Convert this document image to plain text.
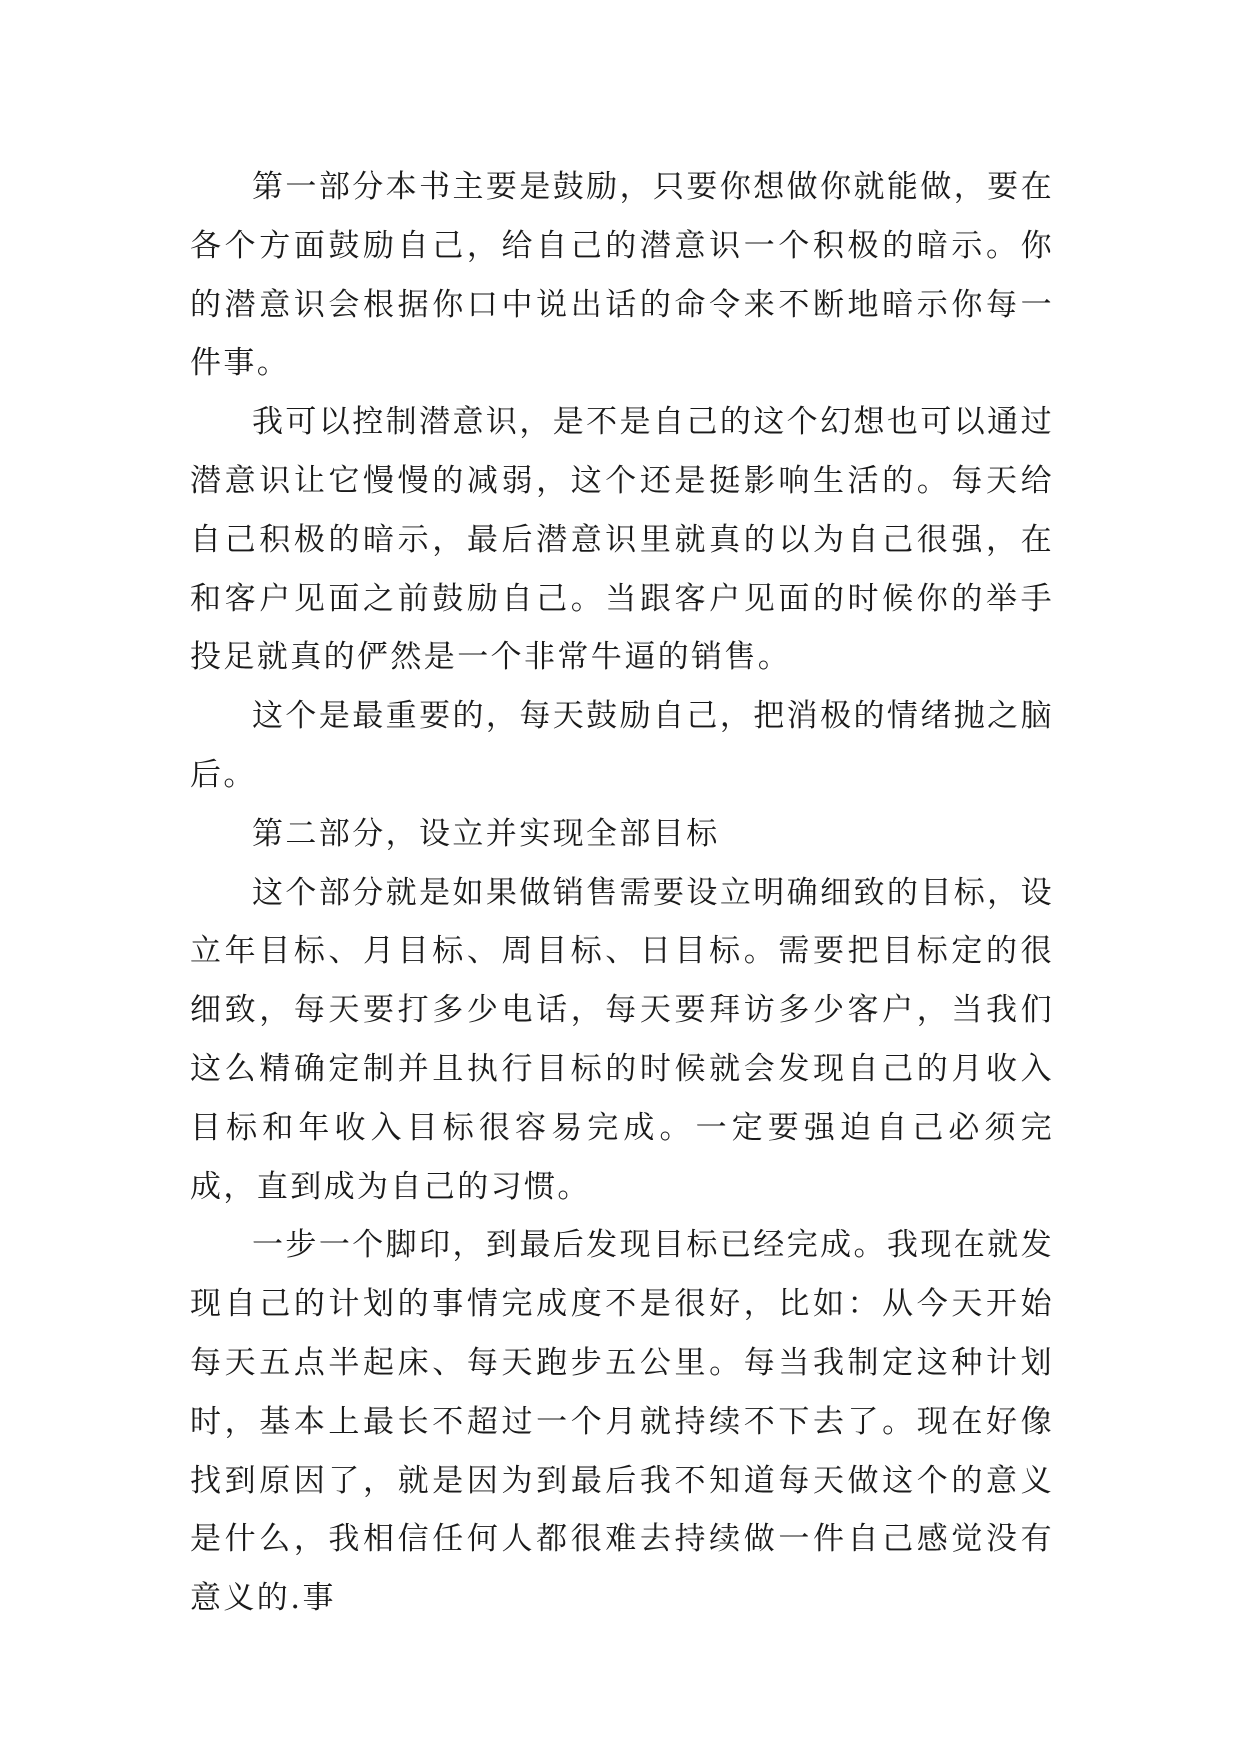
第一部分本书主要是鼓励，只要你想做你就能做，要在各个方面鼓励自己，给自己的潜意识一个积极的暗示。你的潜意识会根据你口中说出话的命令来不断地暗示你每一件事。

我可以控制潜意识，是不是自己的这个幻想也可以通过潜意识让它慢慢的减弱，这个还是挺影响生活的。每天给自己积极的暗示，最后潜意识里就真的以为自己很强，在和客户见面之前鼓励自己。当跟客户见面的时候你的举手投足就真的俨然是一个非常牛逼的销售。

这个是最重要的，每天鼓励自己，把消极的情绪抛之脑后。

第二部分，设立并实现全部目标

这个部分就是如果做销售需要设立明确细致的目标，设立年目标、月目标、周目标、日目标。需要把目标定的很细致，每天要打多少电话，每天要拜访多少客户，当我们这么精确定制并且执行目标的时候就会发现自己的月收入目标和年收入目标很容易完成。一定要强迫自己必须完成，直到成为自己的习惯。

一步一个脚印，到最后发现目标已经完成。我现在就发现自己的计划的事情完成度不是很好，比如：从今天开始每天五点半起床、每天跑步五公里。每当我制定这种计划时，基本上最长不超过一个月就持续不下去了。现在好像找到原因了，就是因为到最后我不知道每天做这个的意义是什么，我相信任何人都很难去持续做一件自己感觉没有意义的.事
